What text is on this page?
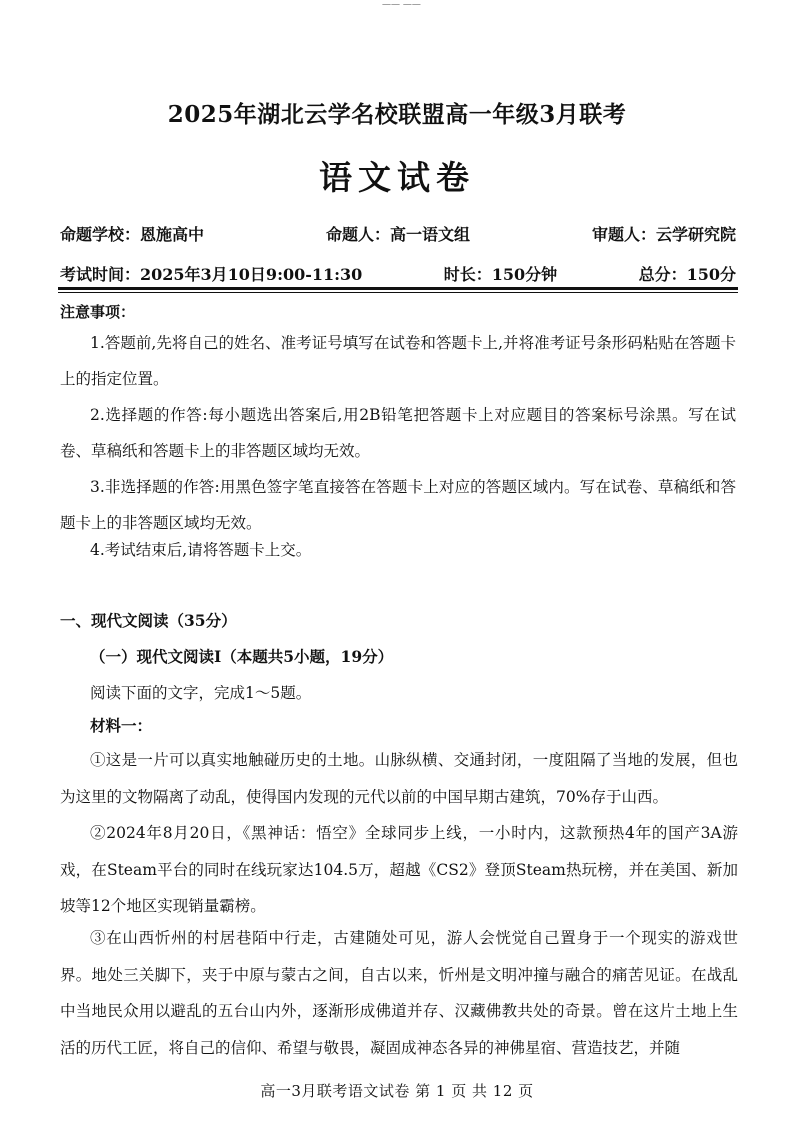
—— ——
2025年湖北云学名校联盟高一年级3月联考
语文试卷
命题学校：恩施高中	命题人：高一语文组	审题人：云学研究院
考试时间：2025年3月10日9:00-11:30	时长：150分钟	总分：150分
注意事项：
1.答题前,先将自己的姓名、准考证号填写在试卷和答题卡上,并将准考证号条形码粘贴在答题卡上的指定位置。
2.选择题的作答:每小题选出答案后,用2B铅笔把答题卡上对应题目的答案标号涂黑。写在试卷、草稿纸和答题卡上的非答题区域均无效。
3.非选择题的作答:用黑色签字笔直接答在答题卡上对应的答题区域内。写在试卷、草稿纸和答题卡上的非答题区域均无效。
4.考试结束后,请将答题卡上交。
一、现代文阅读（35分）
（一）现代文阅读Ⅰ（本题共5小题，19分）
阅读下面的文字，完成1～5题。
材料一：
①这是一片可以真实地触碰历史的土地。山脉纵横、交通封闭，一度阻隔了当地的发展，但也为这里的文物隔离了动乱，使得国内发现的元代以前的中国早期古建筑，70%存于山西。
②2024年8月20日，《黑神话：悟空》全球同步上线，一小时内，这款预热4年的国产3A游戏，在Steam平台的同时在线玩家达104.5万，超越《CS2》登顶Steam热玩榜，并在美国、新加坡等12个地区实现销量霸榜。
③在山西忻州的村居巷陌中行走，古建随处可见，游人会恍觉自己置身于一个现实的游戏世界。地处三关脚下，夹于中原与蒙古之间，自古以来，忻州是文明冲撞与融合的痛苦见证。在战乱中当地民众用以避乱的五台山内外，逐渐形成佛道并存、汉藏佛教共处的奇景。曾在这片土地上生活的历代工匠，将自己的信仰、希望与敬畏，凝固成神态各异的神佛星宿、营造技艺，并随
高一3月联考语文试卷 第 1 页 共 12 页
